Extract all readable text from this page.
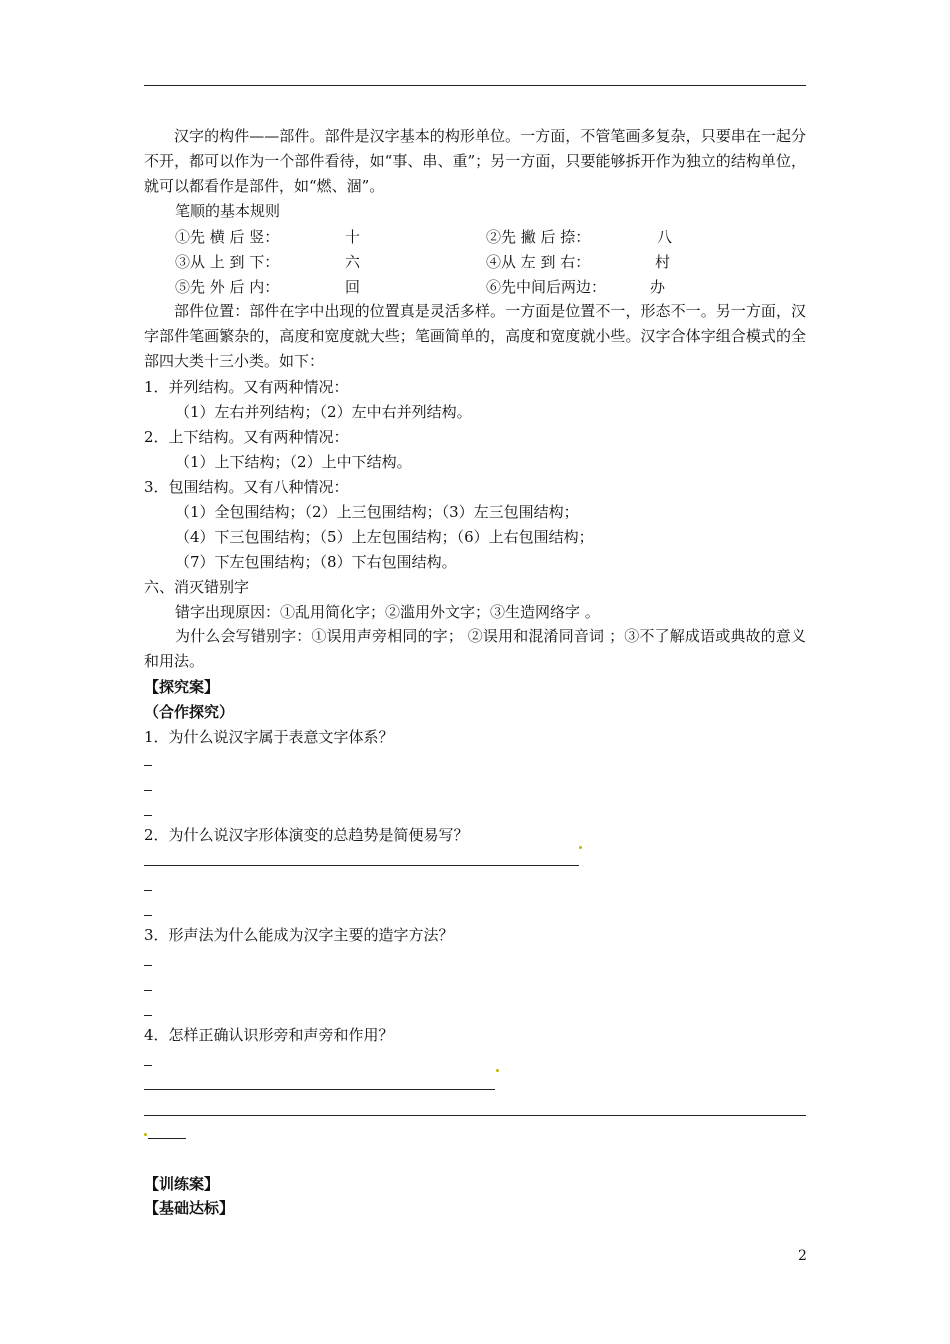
汉字的构件——部件。部件是汉字基本的构形单位。一方面，不管笔画多复杂，只要串在一起分不开，都可以作为一个部件看待，如“事、串、重”；另一方面，只要能够拆开作为独立的结构单位，就可以都看作是部件，如“燃、涸”。
笔顺的基本规则
①先 横 后 竖：	十	②先 撇 后 捺：	八
③从 上 到 下：	六	④从 左 到 右：	村
⑤先 外 后 内：	回	⑥先中间后两边：	办
部件位置：部件在字中出现的位置真是灵活多样。一方面是位置不一，形态不一。另一方面，汉字部件笔画繁杂的，高度和宽度就大些；笔画简单的，高度和宽度就小些。汉字合体字组合模式的全部四大类十三小类。如下：
1．并列结构。又有两种情况：
（1）左右并列结构；（2）左中右并列结构。
2．上下结构。又有两种情况：
（1）上下结构；（2）上中下结构。
3．包围结构。又有八种情况：
（1）全包围结构；（2）上三包围结构；（3）左三包围结构；
（4）下三包围结构；（5）上左包围结构；（6）上右包围结构；
（7）下左包围结构；（8）下右包围结构。
六、消灭错别字
错字出现原因：①乱用简化字；②滥用外文字；③生造网络字 。
为什么会写错别字：①误用声旁相同的字； ②误用和混淆同音词 ；③不了解成语或典故的意义和用法。
【探究案】
（合作探究）
1．为什么说汉字属于表意文字体系？
2．为什么说汉字形体演变的总趋势是简便易写？
3．形声法为什么能成为汉字主要的造字方法？
4．怎样正确认识形旁和声旁和作用？
【训练案】
【基础达标】
2
